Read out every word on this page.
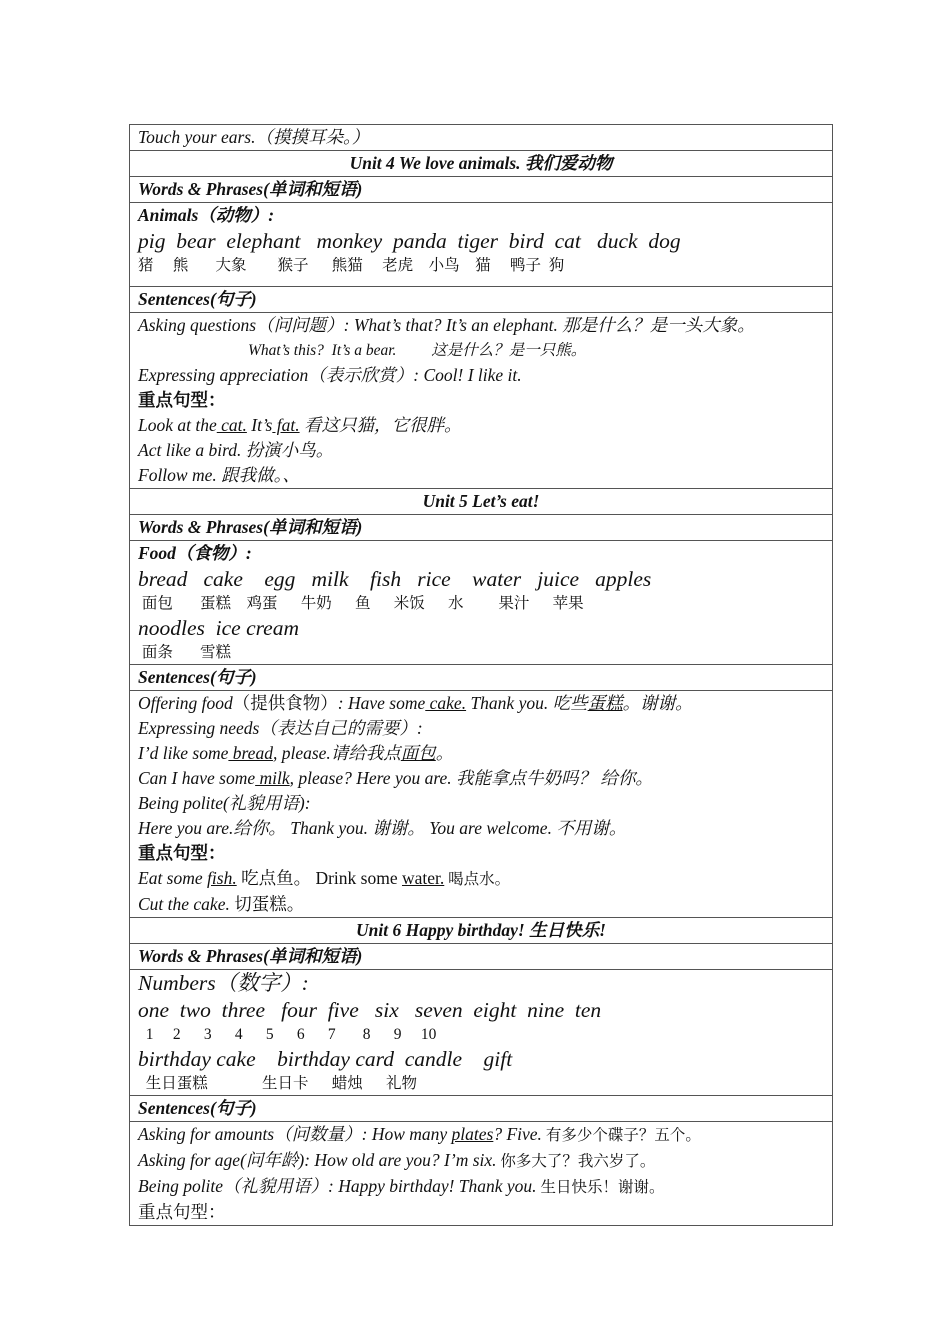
Touch your ears.（摸摸耳朵。）

Unit 4 We love animals. 我们爱动物

Words & Phrases(单词和短语)

Animals（动物）:
pig  bear  elephant   monkey  panda  tiger  bird  cat   duck  dog
猪     熊       大象        猴子      熊猫     老虎    小鸟    猫     鸭子  狗

Sentences(句子)

Asking questions（问问题）: What’s that? It’s an elephant. 那是什么？是一头大象。
What’s this?  It’s a bear.         这是什么？是一只熊。
Expressing appreciation（表示欣赏）: Cool! I like it.
重点句型：
Look at the cat. It’s fat. 看这只猫，它很胖。
Act like a bird. 扮演小鸟。
Follow me. 跟我做。、

Unit 5 Let’s eat!

Words & Phrases(单词和短语)

Food（食物）:
bread   cake    egg   milk    fish   rice    water   juice   apples
面包       蛋糕    鸡蛋      牛奶      鱼      米饭      水         果汁      苹果
noodles  ice cream
面条       雪糕

Sentences(句子)

Offering food（提供食物）: Have some cake. Thank you. 吃些蛋糕。谢谢。
Expressing needs（表达自己的需要）:
I’d like some bread, please.请给我点面包。
Can I have some milk, please? Here you are. 我能拿点牛奶吗？ 给你。
Being polite(礼貌用语):
Here you are.给你。 Thank you. 谢谢。 You are welcome. 不用谢。
重点句型：
Eat some fish. 吃点鱼。 Drink some water. 喝点水。
Cut the cake. 切蛋糕。

Unit 6 Happy birthday! 生日快乐!

Words & Phrases(单词和短语)

Numbers（数字）:
one  two  three   four  five   six   seven  eight  nine  ten
1     2      3      4      5      6      7       8      9     10
birthday cake    birthday card  candle    gift
生日蛋糕              生日卡      蜡烛      礼物

Sentences(句子)

Asking for amounts（问数量）: How many plates? Five. 有多少个碟子？五个。
Asking for age(问年龄): How old are you? I’m six. 你多大了？我六岁了。
Being polite（礼貌用语）: Happy birthday! Thank you. 生日快乐！谢谢。
重点句型：
